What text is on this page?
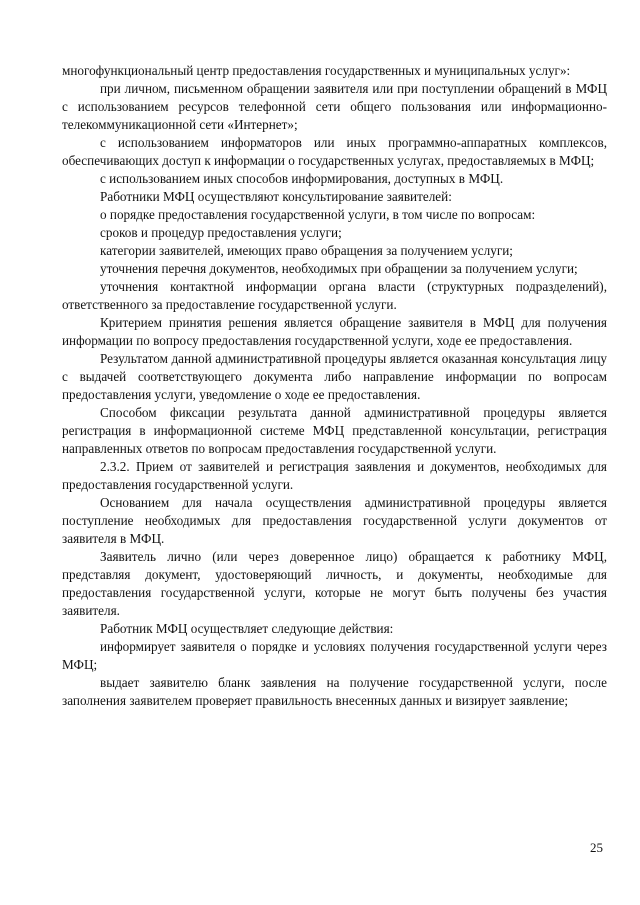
многофункциональный центр предоставления государственных и муниципальных услуг»:

при личном, письменном обращении заявителя или при поступлении обращений в МФЦ с использованием ресурсов телефонной сети общего пользования или информационно-телекоммуникационной сети «Интернет»;

с использованием информаторов или иных программно-аппаратных комплексов, обеспечивающих доступ к информации о государственных услугах, предоставляемых в МФЦ;

с использованием иных способов информирования, доступных в МФЦ.

Работники МФЦ осуществляют консультирование заявителей:

о порядке предоставления государственной услуги, в том числе по вопросам:

сроков и процедур предоставления услуги;

категории заявителей, имеющих право обращения за получением услуги;

уточнения перечня документов, необходимых при обращении за получением услуги;

уточнения контактной информации органа власти (структурных подразделений), ответственного за предоставление государственной услуги.

Критерием принятия решения является обращение заявителя в МФЦ для получения информации по вопросу предоставления государственной услуги, ходе ее предоставления.

Результатом данной административной процедуры является оказанная консультация лицу с выдачей соответствующего документа либо направление информации по вопросам предоставления услуги, уведомление о ходе ее предоставления.

Способом фиксации результата данной административной процедуры является регистрация в информационной системе МФЦ представленной консультации, регистрация направленных ответов по вопросам предоставления государственной услуги.

2.3.2. Прием от заявителей и регистрация заявления и документов, необходимых для предоставления государственной услуги.

Основанием для начала осуществления административной процедуры является поступление необходимых для предоставления государственной услуги документов от заявителя в МФЦ.

Заявитель лично (или через доверенное лицо) обращается к работнику МФЦ, представляя документ, удостоверяющий личность, и документы, необходимые для предоставления государственной услуги, которые не могут быть получены без участия заявителя.

Работник МФЦ осуществляет следующие действия:

информирует заявителя о порядке и условиях получения государственной услуги через МФЦ;

выдает заявителю бланк заявления на получение государственной услуги, после заполнения заявителем проверяет правильность внесенных данных и визирует заявление;

25
